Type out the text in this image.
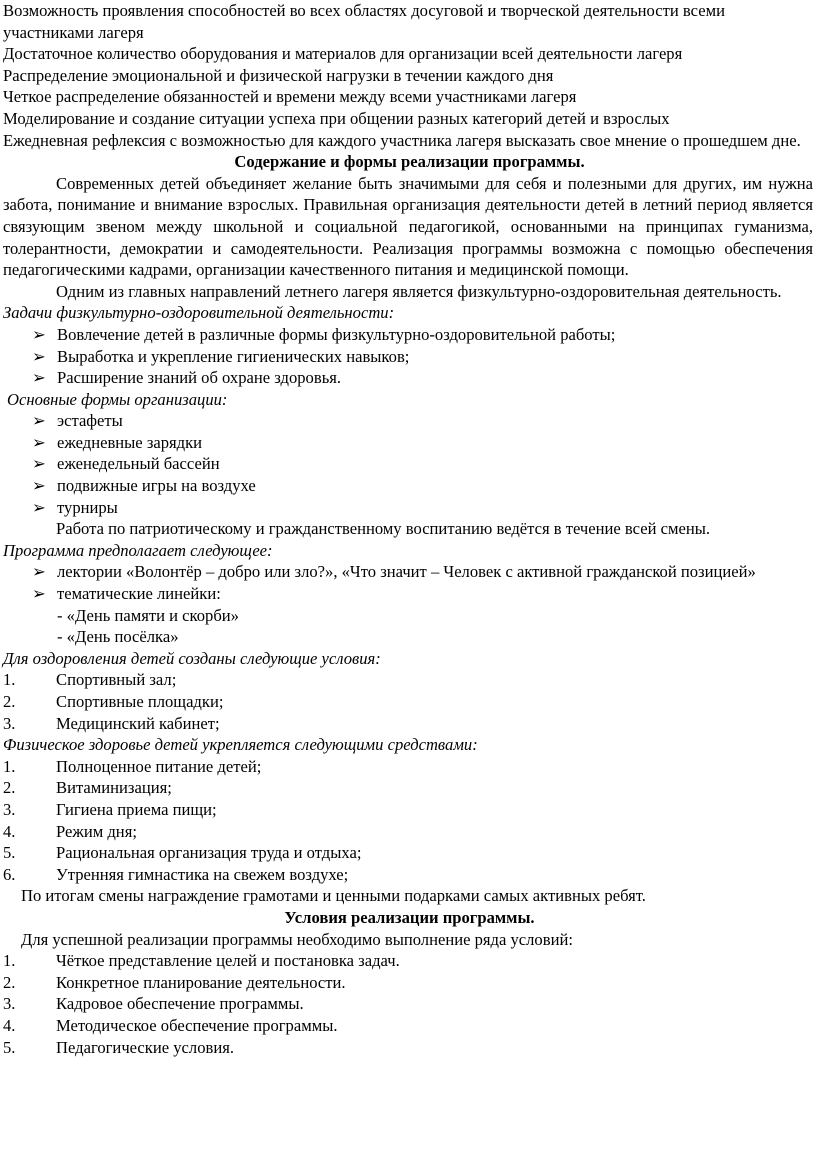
Возможность проявления способностей во всех областях досуговой и творческой деятельности всеми участниками лагеря

Достаточное количество оборудования и материалов для организации всей деятельности лагеря

Распределение эмоциональной и физической нагрузки в течении каждого дня

Четкое распределение обязанностей и времени между всеми участниками лагеря

Моделирование и создание ситуации успеха при общении разных категорий детей и взрослых

Ежедневная рефлексия с возможностью для каждого участника лагеря высказать свое мнение о прошедшем дне.

Содержание и формы реализации программы.

Современных детей объединяет желание быть значимыми для себя и полезными для других, им нужна забота, понимание и внимание взрослых. Правильная организация деятельности детей в летний период является связующим звеном между школьной и социальной педагогикой, основанными на принципах гуманизма, толерантности, демократии и самодеятельности. Реализация программы возможна с помощью обеспечения педагогическими кадрами, организации качественного питания и медицинской помощи.

Одним из главных направлений летнего лагеря является физкультурно-оздоровительная деятельность.

Задачи физкультурно-оздоровительной деятельности:

➢ Вовлечение детей в различные формы физкультурно-оздоровительной работы;
➢ Выработка и укрепление гигиенических навыков;
➢ Расширение знаний об охране здоровья.

Основные формы организации:

➢ эстафеты
➢ ежедневные зарядки
➢ еженедельный бассейн
➢ подвижные игры на воздухе
➢ турниры

Работа по патриотическому и гражданственному воспитанию ведётся в течение всей смены.

Программа предполагает следующее:

➢ лектории «Волонтёр – добро или зло?», «Что значит – Человек с активной гражданской позицией»
➢ тематические линейки:

- «День памяти и скорби»

- «День посёлка»

Для оздоровления детей созданы следующие условия:

1. Спортивный зал;
2. Спортивные площадки;
3. Медицинский кабинет;

Физическое здоровье детей укрепляется следующими средствами:

1. Полноценное питание детей;
2. Витаминизация;
3. Гигиена приема пищи;
4. Режим дня;
5. Рациональная организация труда и отдыха;
6. Утренняя гимнастика на свежем воздухе;

По итогам смены награждение грамотами и ценными подарками самых активных ребят.

Условия реализации программы.

Для успешной реализации программы необходимо выполнение ряда условий:

1. Чёткое представление целей и постановка задач.
2. Конкретное планирование деятельности.
3. Кадровое обеспечение программы.
4. Методическое обеспечение программы.
5. Педагогические условия.
